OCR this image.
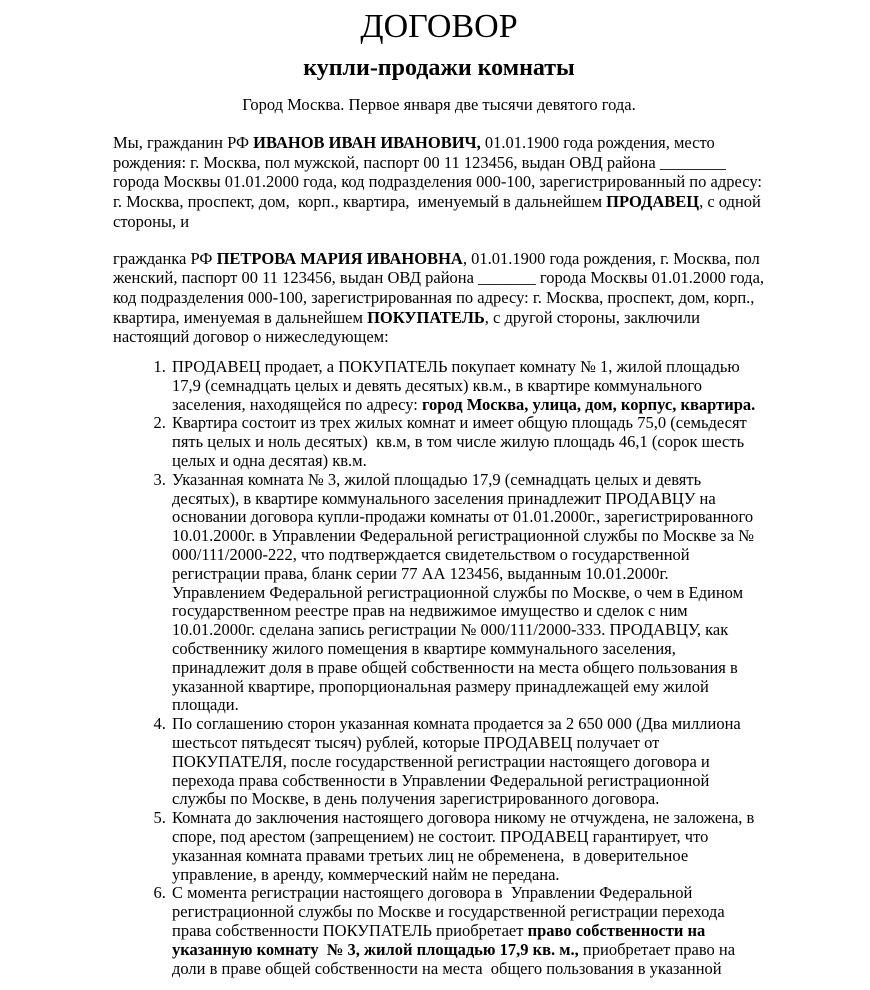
ДОГОВОР
купли-продажи комнаты

Город Москва. Первое января две тысячи девятого года.

Мы, гражданин РФ ИВАНОВ ИВАН ИВАНОВИЧ, 01.01.1900 года рождения, место рождения: г. Москва, пол мужской, паспорт 00 11 123456, выдан ОВД района ________ города Москвы 01.01.2000 года, код подразделения 000-100, зарегистрированный по адресу: г. Москва, проспект, дом,  корп., квартира,  именуемый в дальнейшем ПРОДАВЕЦ, с одной стороны, и

гражданка РФ ПЕТРОВА МАРИЯ ИВАНОВНА, 01.01.1900 года рождения, г. Москва, пол женский, паспорт 00 11 123456, выдан ОВД района _______ города Москвы 01.01.2000 года, код подразделения 000-100, зарегистрированная по адресу: г. Москва, проспект, дом, корп., квартира, именуемая в дальнейшем ПОКУПАТЕЛЬ, с другой стороны, заключили настоящий договор о нижеследующем:

1. ПРОДАВЕЦ продает, а ПОКУПАТЕЛЬ покупает комнату № 1, жилой площадью 17,9 (семнадцать целых и девять десятых) кв.м., в квартире коммунального заселения, находящейся по адресу: город Москва, улица, дом, корпус, квартира.
2. Квартира состоит из трех жилых комнат и имеет общую площадь 75,0 (семьдесят пять целых и ноль десятых)  кв.м, в том числе жилую площадь 46,1 (сорок шесть целых и одна десятая) кв.м.
3. Указанная комната № 3, жилой площадью 17,9 (семнадцать целых и девять десятых), в квартире коммунального заселения принадлежит ПРОДАВЦУ на основании договора купли-продажи комнаты от 01.01.2000г., зарегистрированного 10.01.2000г. в Управлении Федеральной регистрационной службы по Москве за № 000/111/2000-222, что подтверждается свидетельством о государственной  регистрации права, бланк серии 77 АА 123456, выданным 10.01.2000г. Управлением Федеральной регистрационной службы по Москве, о чем в Едином государственном реестре прав на недвижимое имущество и сделок с ним 10.01.2000г. сделана запись регистрации № 000/111/2000-333. ПРОДАВЦУ, как собственнику жилого помещения в квартире коммунального заселения, принадлежит доля в праве общей собственности на места общего пользования в указанной квартире, пропорциональная размеру принадлежащей ему жилой площади.
4. По соглашению сторон указанная комната продается за 2 650 000 (Два миллиона шестьсот пятьдесят тысяч) рублей, которые ПРОДАВЕЦ получает от ПОКУПАТЕЛЯ, после государственной регистрации настоящего договора и перехода права собственности в Управлении Федеральной регистрационной службы по Москве, в день получения зарегистрированного договора.
5. Комната до заключения настоящего договора никому не отчуждена, не заложена, в споре, под арестом (запрещением) не состоит. ПРОДАВЕЦ гарантирует, что указанная комната правами третьих лиц не обременена,  в доверительное управление, в аренду, коммерческий найм не передана.
6. С момента регистрации настоящего договора в  Управлении Федеральной регистрационной службы по Москве и государственной регистрации перехода права собственности ПОКУПАТЕЛЬ приобретает право собственности на указанную комнату  № 3, жилой площадью 17,9 кв. м., приобретает право на доли в праве общей собственности на места  общего пользования в указанной
